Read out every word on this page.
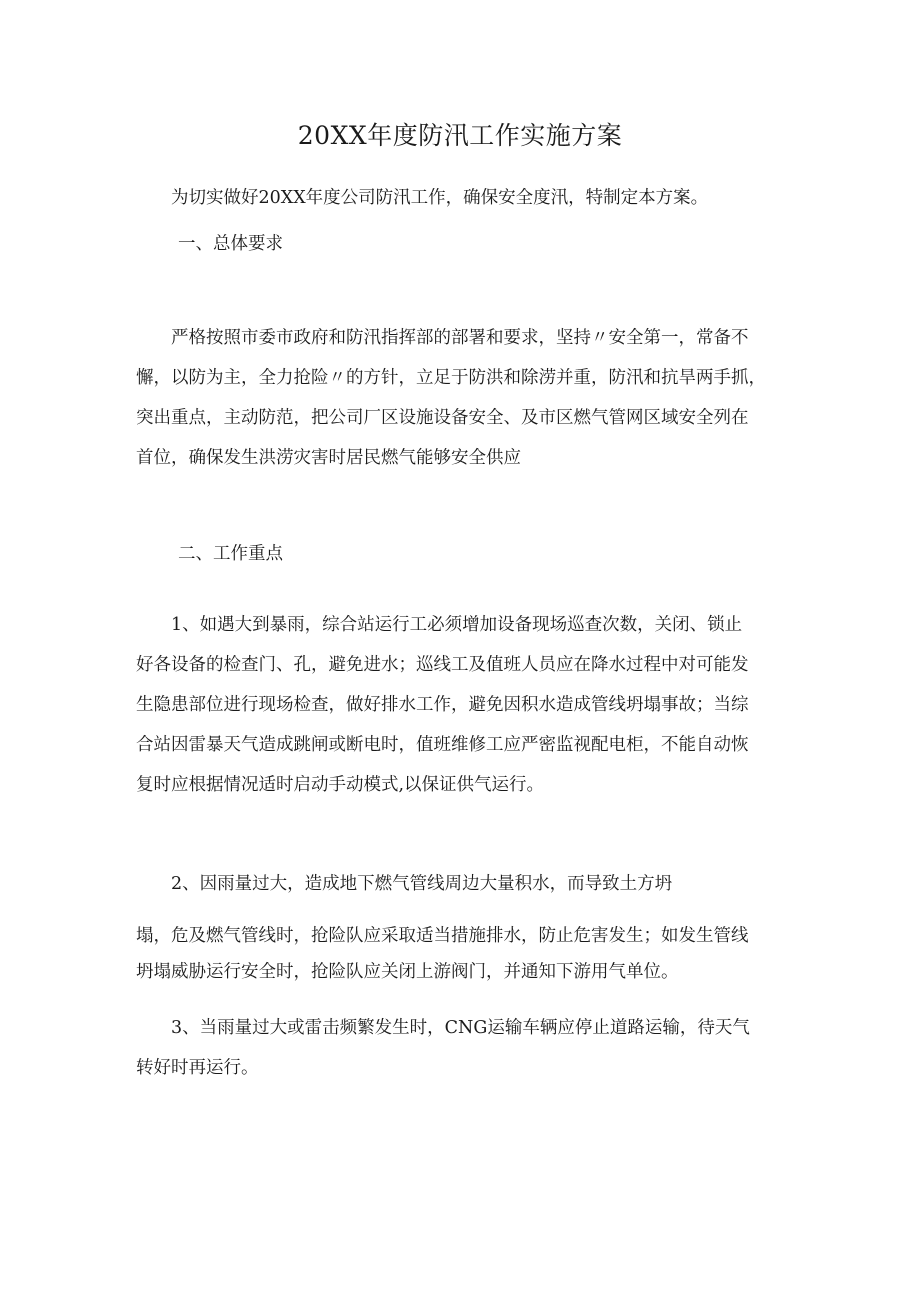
20XX年度防汛工作实施方案

为切实做好20XX年度公司防汛工作，确保安全度汛，特制定本方案。

一、总体要求

严格按照市委市政府和防汛指挥部的部署和要求，坚持〃安全第一，常备不
懈，以防为主，全力抢险〃的方针，立足于防洪和除涝并重，防汛和抗旱两手抓，
突出重点，主动防范，把公司厂区设施设备安全、及市区燃气管网区域安全列在
首位，确保发生洪涝灾害时居民燃气能够安全供应

二、工作重点

1、如遇大到暴雨，综合站运行工必须增加设备现场巡查次数，关闭、锁止
好各设备的检查门、孔，避免进水；巡线工及值班人员应在降水过程中对可能发
生隐患部位进行现场检查，做好排水工作，避免因积水造成管线坍塌事故；当综
合站因雷暴天气造成跳闸或断电时，值班维修工应严密监视配电柜，不能自动恢
复时应根据情况适时启动手动模式,以保证供气运行。

2、因雨量过大，造成地下燃气管线周边大量积水，而导致土方坍

塌，危及燃气管线时，抢险队应采取适当措施排水，防止危害发生；如发生管线
坍塌威胁运行安全时，抢险队应关闭上游阀门，并通知下游用气单位。

3、当雨量过大或雷击频繁发生时，CNG运输车辆应停止道路运输，待天气
转好时再运行。
